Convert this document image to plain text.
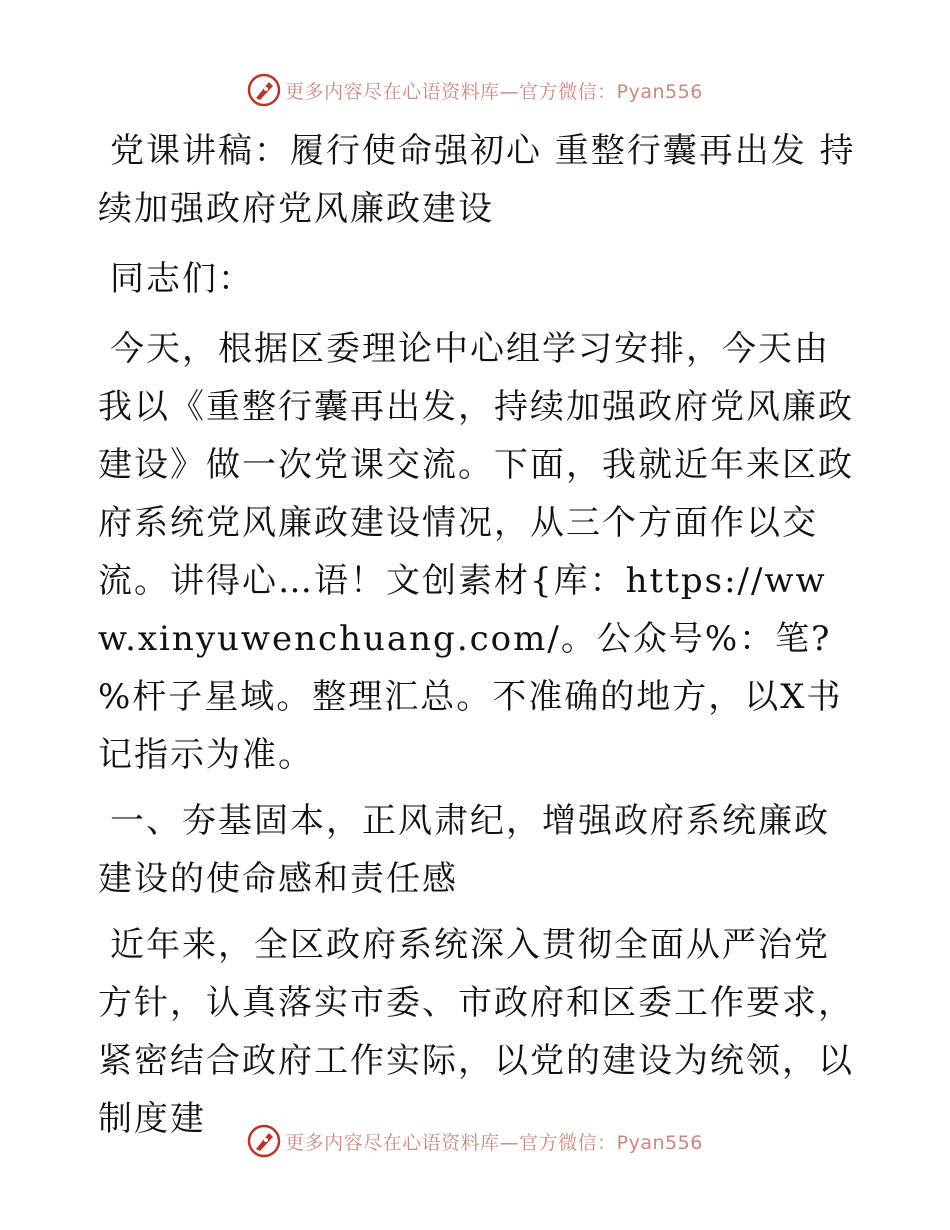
更多内容尽在心语资料库—官方微信：Pyan556

党课讲稿：履行使命强初心 重整行囊再出发 持续加强政府党风廉政建设

同志们：

今天，根据区委理论中心组学习安排，今天由我以《重整行囊再出发，持续加强政府党风廉政建设》做一次党课交流。下面，我就近年来区政府系统党风廉政建设情况，从三个方面作以交流。讲得心…语！文创素材{库：https://www.xinyuwenchuang.com/。公众号%：笔?%杆子星域。整理汇总。不准确的地方，以X书记指示为准。

一、夯基固本，正风肃纪，增强政府系统廉政建设的使命感和责任感

近年来，全区政府系统深入贯彻全面从严治党方针，认真落实市委、市政府和区委工作要求，紧密结合政府工作实际，以党的建设为统领，以制度建

更多内容尽在心语资料库—官方微信：Pyan556
